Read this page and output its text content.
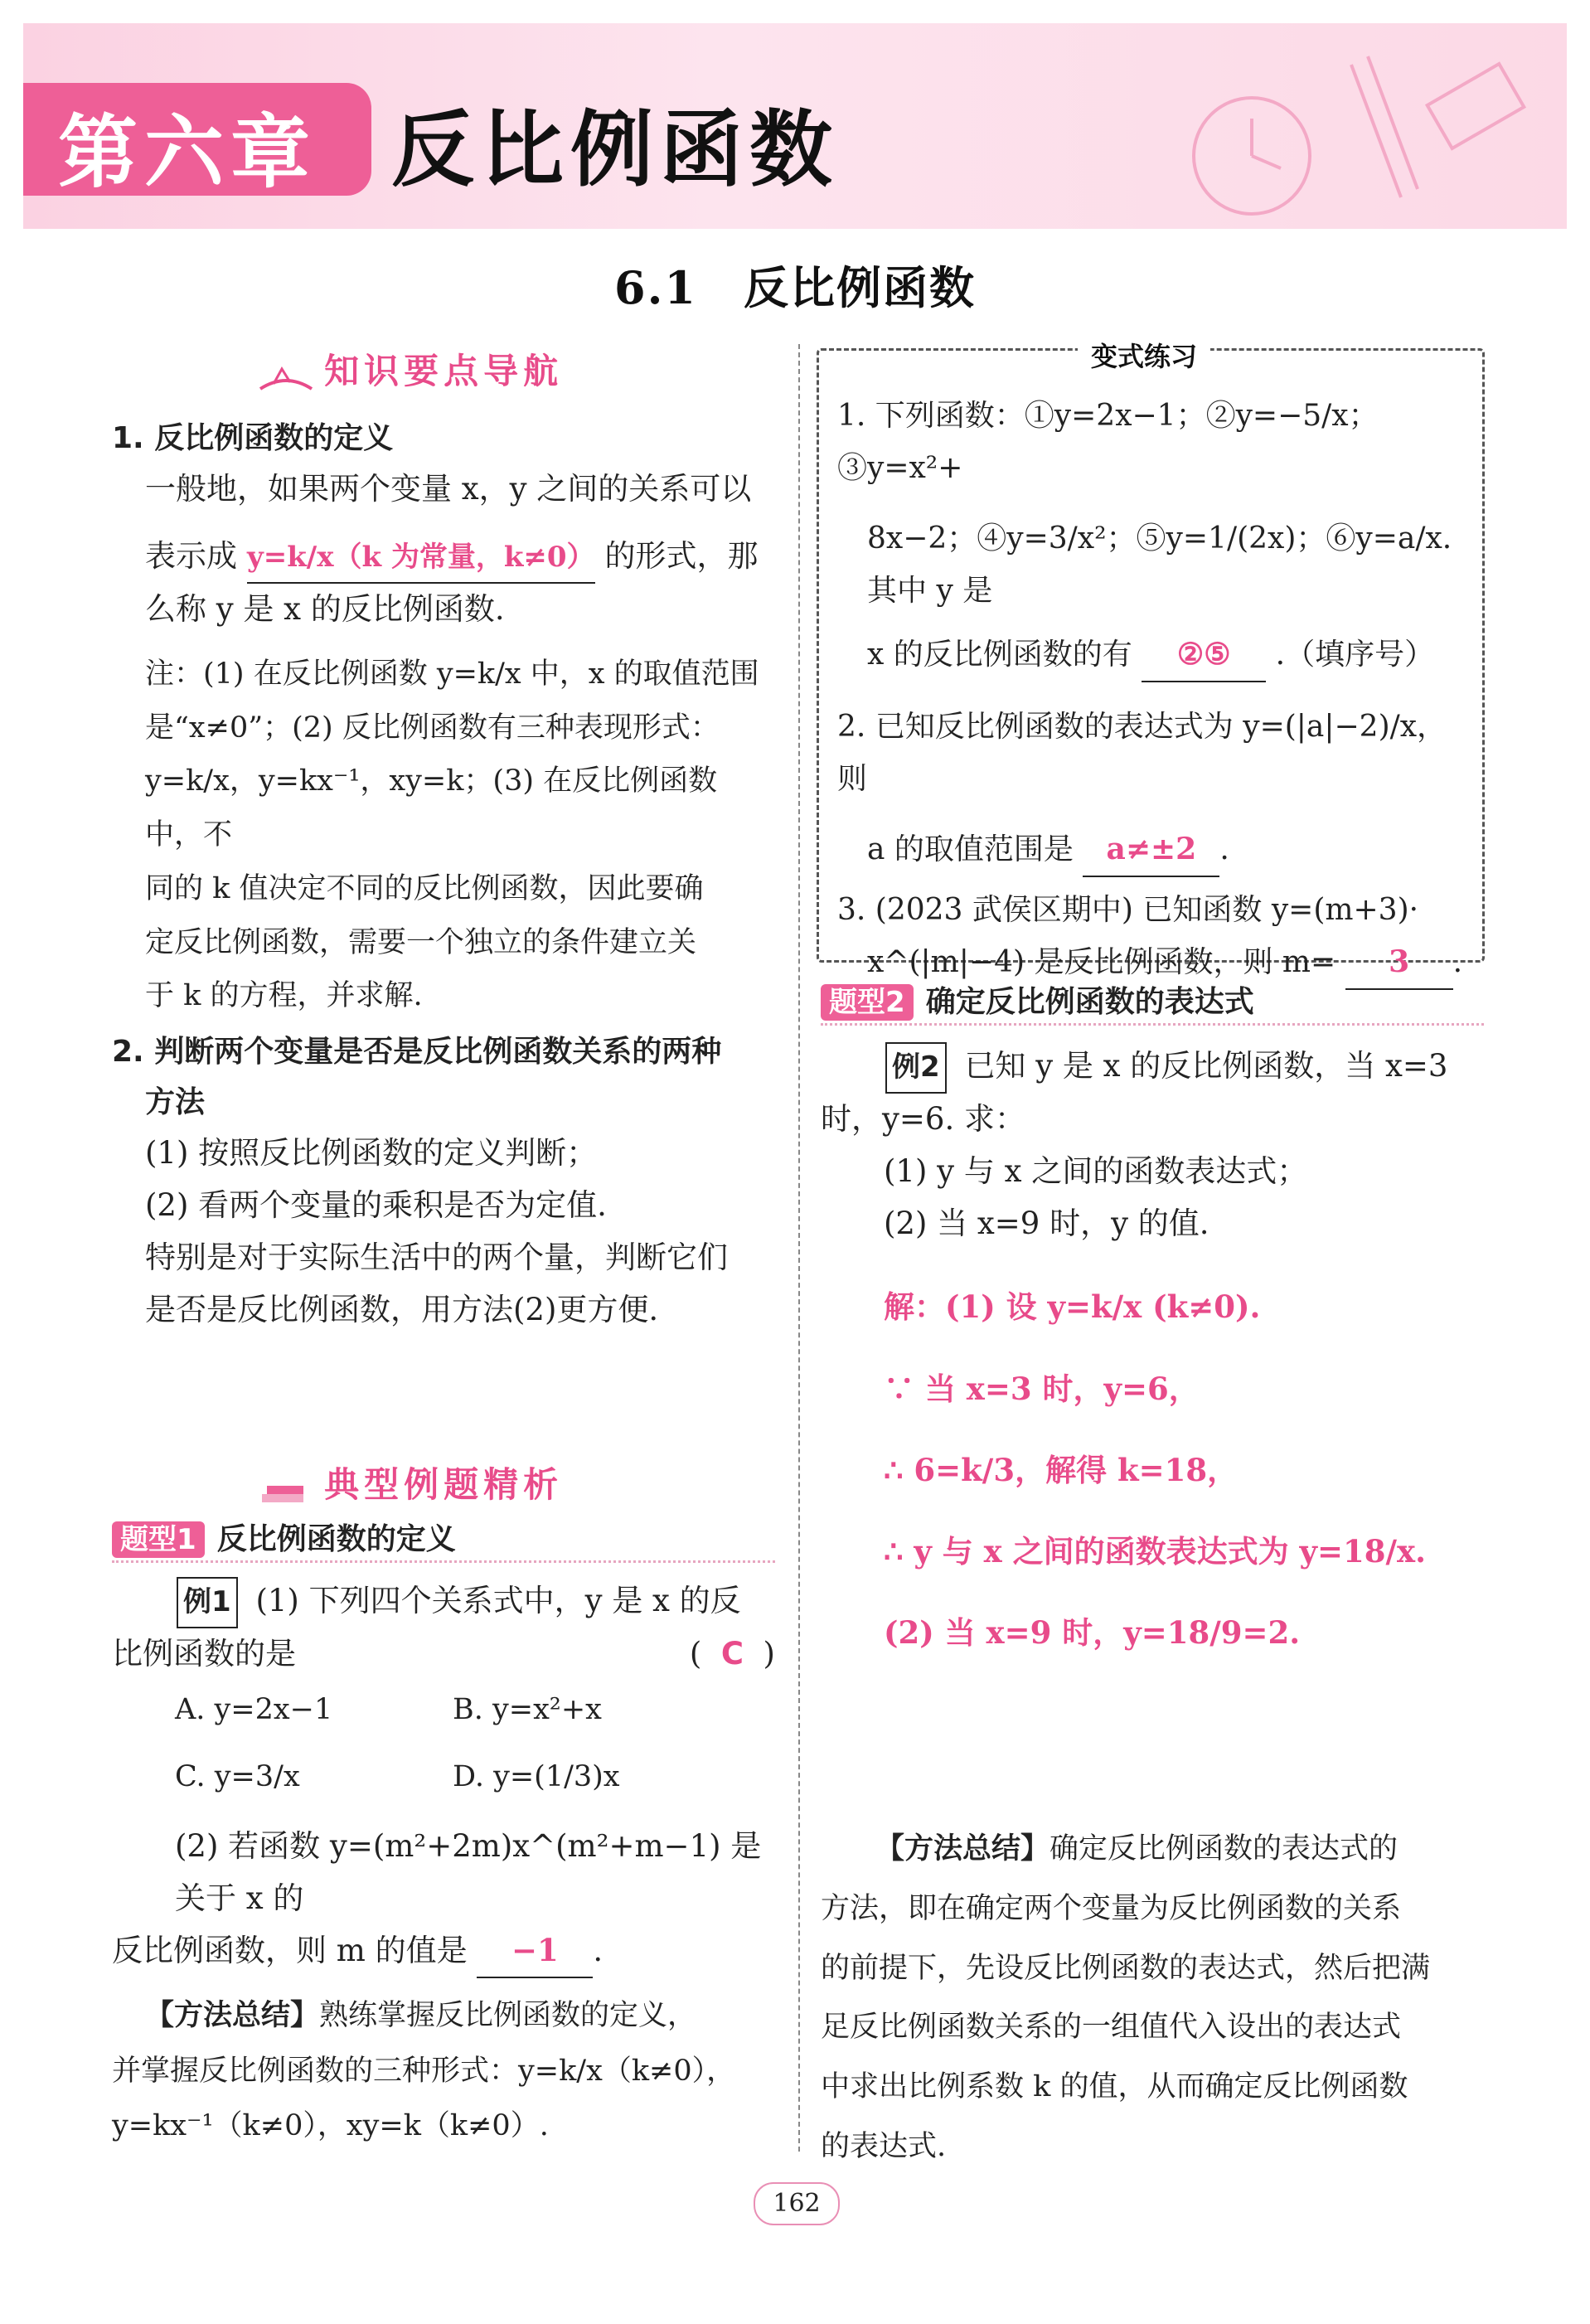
第六章 反比例函数
6.1　反比例函数
知识要点导航
1. 反比例函数的定义
一般地，如果两个变量 x，y 之间的关系可以
表示成 y=k/x（k 为常量，k≠0） 的形式，那
么称 y 是 x 的反比例函数.
注：(1) 在反比例函数 y=k/x 中，x 的取值范围
是“x≠0”；(2) 反比例函数有三种表现形式：
y=k/x，y=kx⁻¹，xy=k；(3) 在反比例函数中，不
同的 k 值决定不同的反比例函数，因此要确
定反比例函数，需要一个独立的条件建立关
于 k 的方程，并求解.
2. 判断两个变量是否是反比例函数关系的两种
方法
(1) 按照反比例函数的定义判断；
(2) 看两个变量的乘积是否为定值.
特别是对于实际生活中的两个量，判断它们
是否是反比例函数，用方法(2)更方便.
典型例题精析
题型1 反比例函数的定义
例1 (1) 下列四个关系式中，y 是 x 的反
比例函数的是	(  C  )
A. y=2x−1	B. y=x²+x
C. y=3/x	D. y=(1/3)x
(2) 若函数 y=(m²+2m)x^(m²+m−1) 是关于 x 的
反比例函数，则 m 的值是 −1 .
【方法总结】熟练掌握反比例函数的定义，
并掌握反比例函数的三种形式：y=k/x（k≠0），
y=kx⁻¹（k≠0），xy=k（k≠0）.
变式练习
1. 下列函数：①y=2x−1；②y=−5/x；③y=x²+
8x−2；④y=3/x²；⑤y=1/(2x)；⑥y=a/x. 其中 y 是
x 的反比例函数的有 ②⑤ .（填序号）
2. 已知反比例函数的表达式为 y=(|a|−2)/x，则
a 的取值范围是 a≠±2 .
3. (2023 武侯区期中) 已知函数 y=(m+3)·
x^(|m|−4) 是反比例函数，则 m= 3 .
题型2 确定反比例函数的表达式
例2 已知 y 是 x 的反比例函数，当 x=3
时，y=6. 求：
(1) y 与 x 之间的函数表达式；
(2) 当 x=9 时，y 的值.
解：(1) 设 y=k/x (k≠0).
∵ 当 x=3 时，y=6，
∴ 6=k/3，解得 k=18，
∴ y 与 x 之间的函数表达式为 y=18/x.
(2) 当 x=9 时，y=18/9=2.
【方法总结】确定反比例函数的表达式的
方法，即在确定两个变量为反比例函数的关系
的前提下，先设反比例函数的表达式，然后把满
足反比例函数关系的一组值代入设出的表达式
中求出比例系数 k 的值，从而确定反比例函数
的表达式.
162
